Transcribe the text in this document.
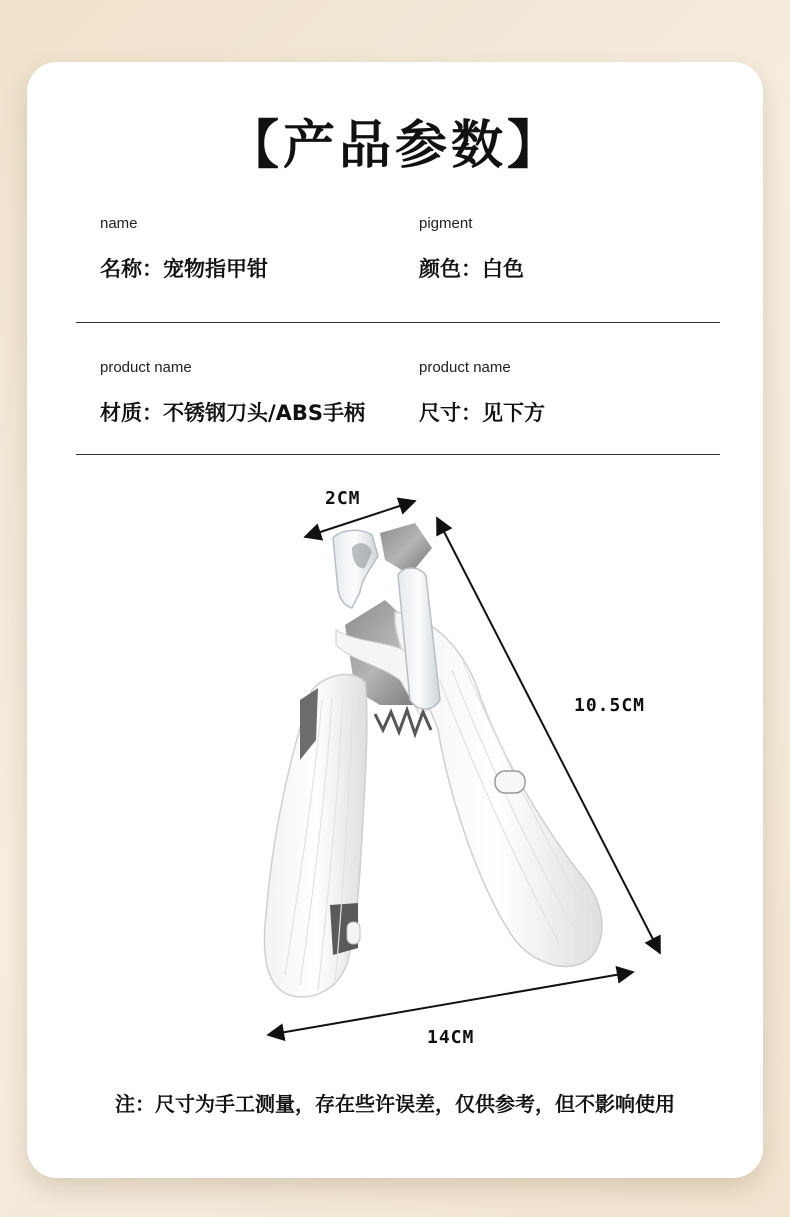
【产品参数】
name
名称：宠物指甲钳
pigment
颜色：白色
product name
材质：不锈钢刀头/ABS手柄
product name
尺寸：见下方
2CM
10.5CM
14CM
注：尺寸为手工测量，存在些许误差，仅供参考，但不影响使用
